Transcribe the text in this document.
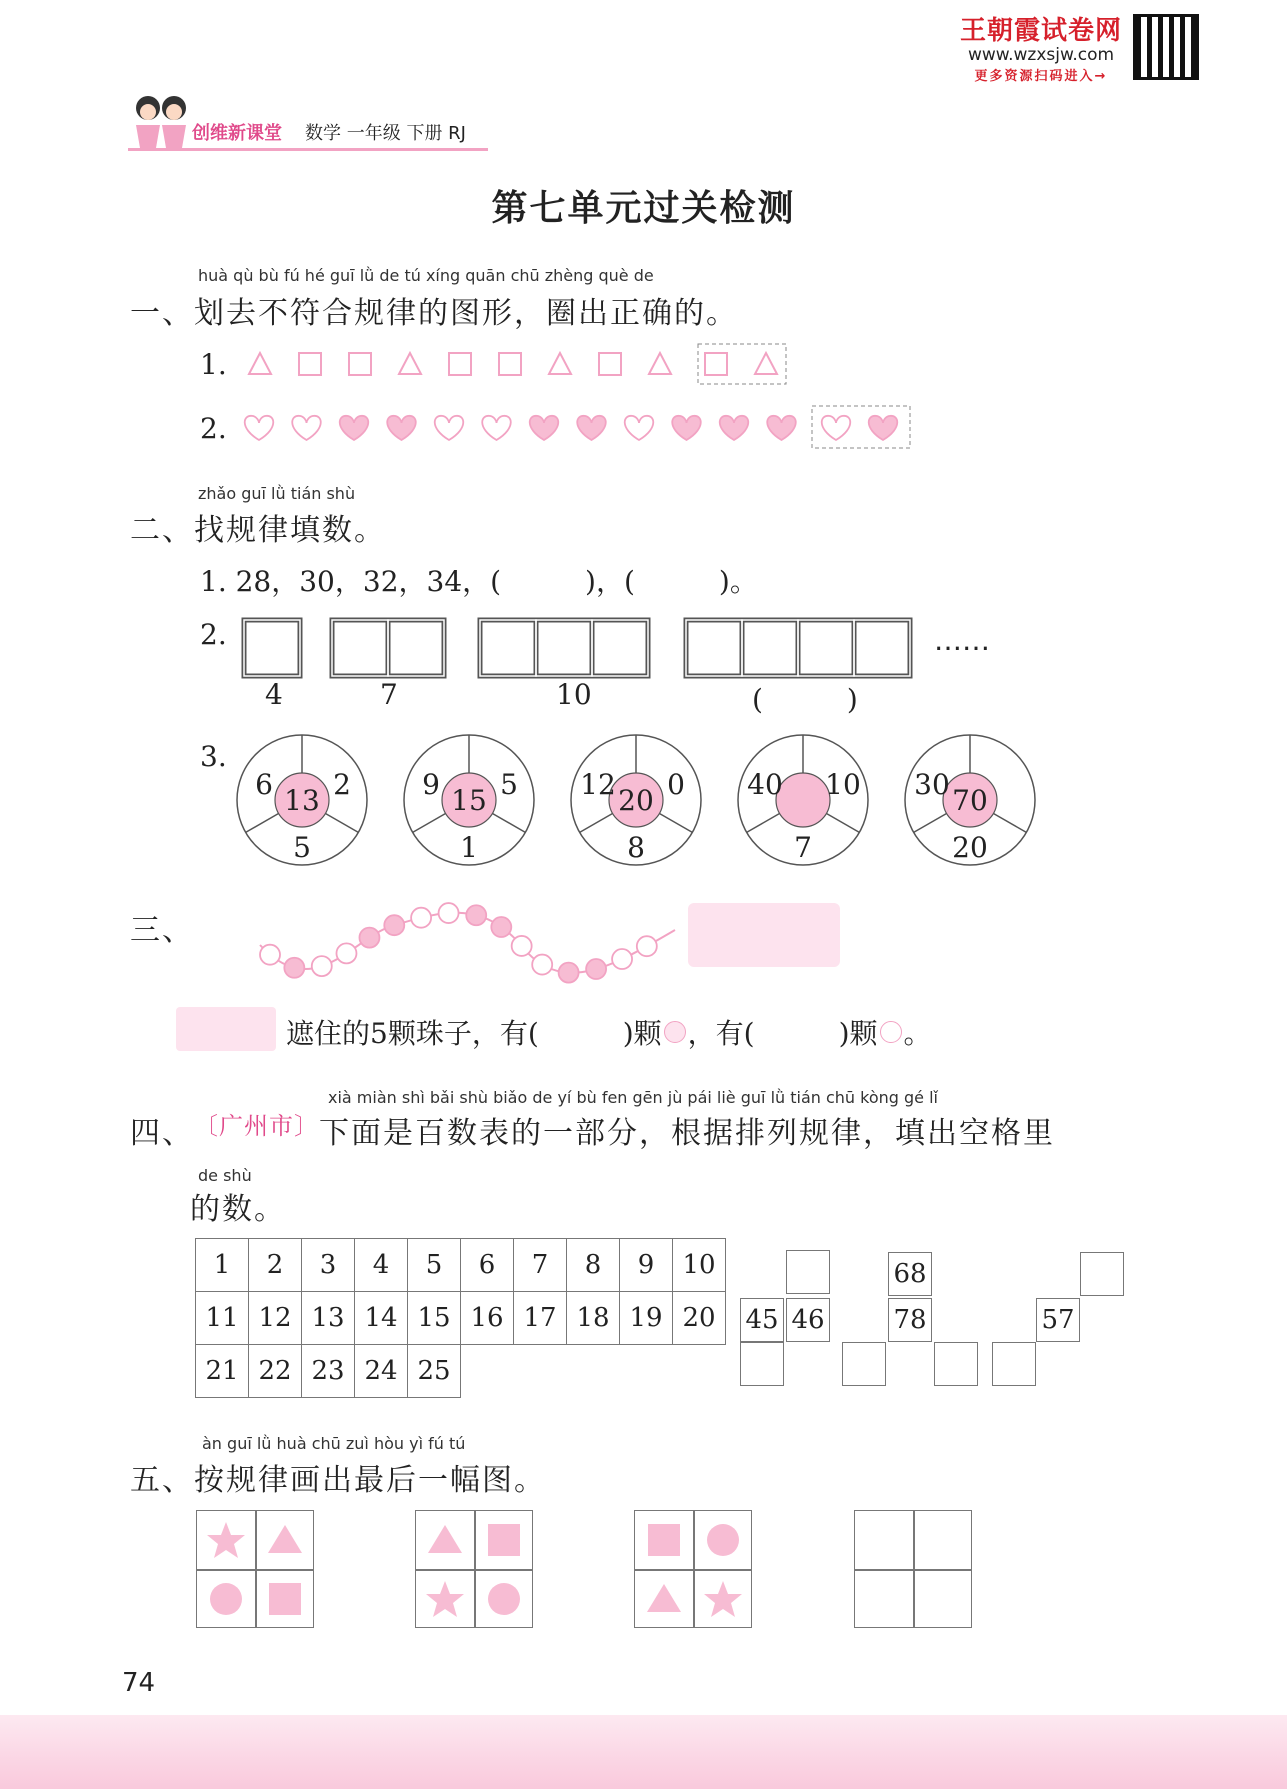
王朝霞试卷网
www.wzxsjw.com
更多资源扫码进入→
创维新课堂 数学 一年级 下册 RJ
第七单元过关检测
huà qù bù fú hé guī lǜ de tú xíng quān chū zhèng què de
一、划去不符合规律的图形，圈出正确的。
1.
2.
zhǎo guī lǜ tián shù
二、找规律填数。
1. 28，30，32，34，(　　　)，(　　　)。
2.	……
4	7	10	(　　　)
3.
13
6 2
5
15
9 5
1
20
12 0
8
40 10
7
70
30
20
三、
遮住的5颗珠子，有(　　　)颗 ，有(　　　)颗 。
xià miàn shì bǎi shù biǎo de yí bù fen gēn jù pái liè guī lǜ tián chū kòng gé lǐ
四、 〔广州市〕 下面是百数表的一部分，根据排列规律，填出空格里
de shù
的数。
1	2	3	4	5	6	7	8	9	10
11	12	13	14	15	16	17	18	19	20
21	22	23	24	25					
45 46
68
78	57
àn guī lǜ huà chū zuì hòu yì fú tú
五、按规律画出最后一幅图。
74
